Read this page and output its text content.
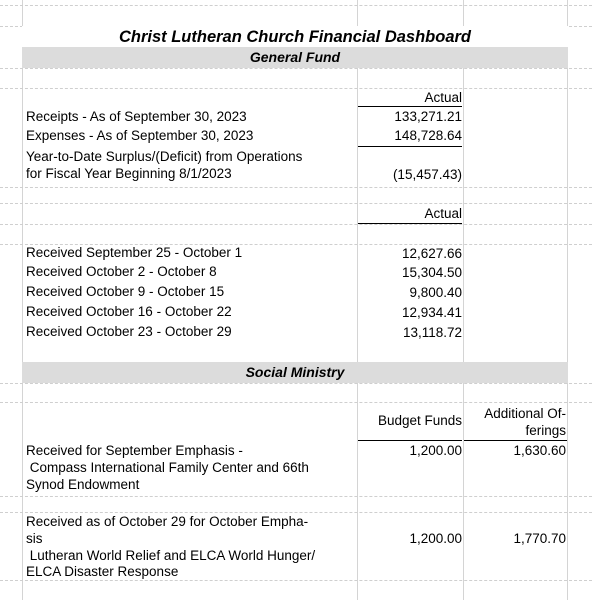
Christ Lutheran Church Financial Dashboard
General Fund
Actual
Receipts - As of September 30, 2023	133,271.21
Expenses - As of September 30, 2023	148,728.64
Year-to-Date Surplus/(Deficit) from Operations
for Fiscal Year Beginning 8/1/2023	(15,457.43)
Actual
Received September 25 - October 1	12,627.66
Received October 2 - October 8	15,304.50
Received October 9 - October 15	9,800.40
Received October 16 - October 22	12,934.41
Received October 23 - October 29	13,118.72
Social Ministry
Budget Funds	Additional Of-
ferings
Received for September Emphasis -
Compass International Family Center and 66th
Synod Endowment
1,200.00	1,630.60
Received as of October 29 for October Empha-
sis
Lutheran World Relief and ELCA World Hunger/
ELCA Disaster Response
1,200.00	1,770.70
